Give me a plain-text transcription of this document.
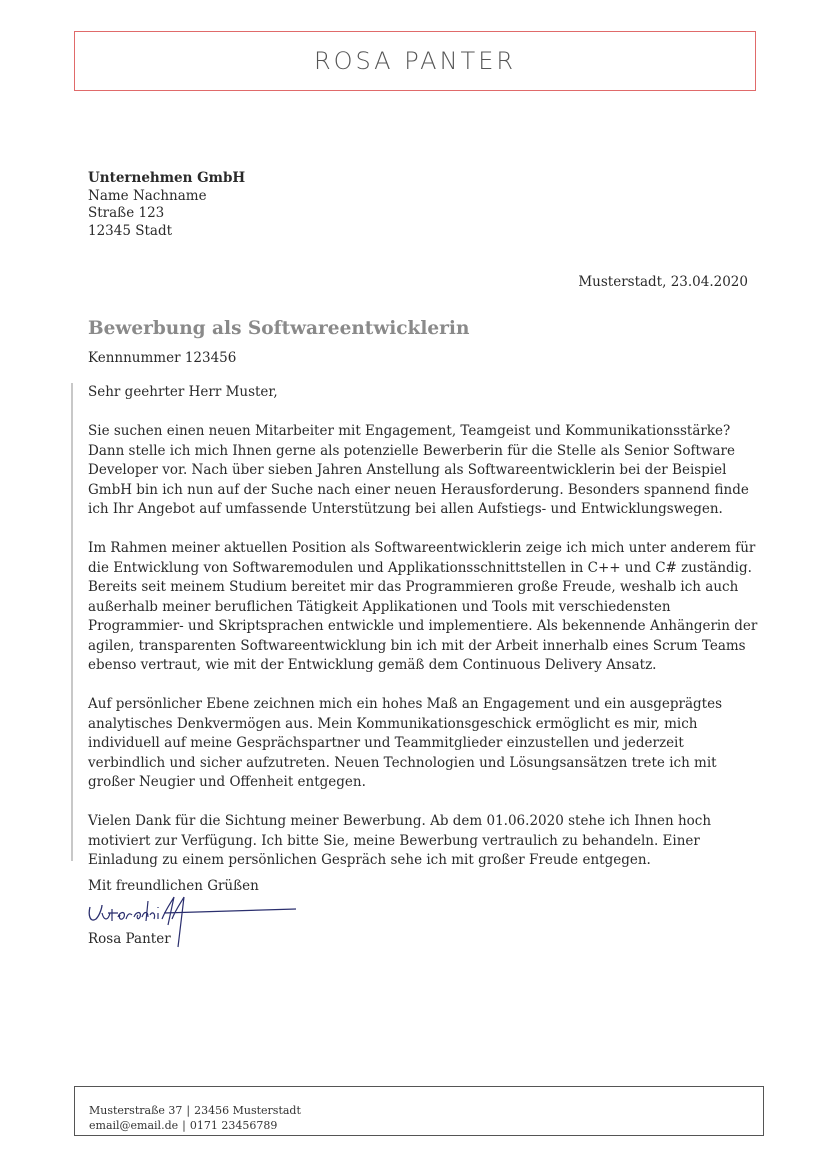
ROSA PANTER
Unternehmen GmbH
Name Nachname
Straße 123
12345 Stadt
Musterstadt, 23.04.2020
Bewerbung als Softwareentwicklerin
Kennnummer 123456

Sehr geehrter Herr Muster,

Sie suchen einen neuen Mitarbeiter mit Engagement, Teamgeist und Kommunikationsstärke? Dann stelle ich mich Ihnen gerne als potenzielle Bewerberin für die Stelle als Senior Software Developer vor. Nach über sieben Jahren Anstellung als Softwareentwicklerin bei der Beispiel GmbH bin ich nun auf der Suche nach einer neuen Herausforderung. Besonders spannend finde ich Ihr Angebot auf umfassende Unterstützung bei allen Aufstiegs- und Entwicklungswegen.

Im Rahmen meiner aktuellen Position als Softwareentwicklerin zeige ich mich unter anderem für die Entwicklung von Softwaremodulen und Applikationsschnittstellen in C++ und C# zuständig. Bereits seit meinem Studium bereitet mir das Programmieren große Freude, weshalb ich auch außerhalb meiner beruflichen Tätigkeit Applikationen und Tools mit verschiedensten Programmier- und Skriptsprachen entwickle und implementiere. Als bekennende Anhängerin der agilen, transparenten Softwareentwicklung bin ich mit der Arbeit innerhalb eines Scrum Teams ebenso vertraut, wie mit der Entwicklung gemäß dem Continuous Delivery Ansatz.

Auf persönlicher Ebene zeichnen mich ein hohes Maß an Engagement und ein ausgeprägtes analytisches Denkvermögen aus. Mein Kommunikationsgeschick ermöglicht es mir, mich individuell auf meine Gesprächspartner und Teammitglieder einzustellen und jederzeit verbindlich und sicher aufzutreten. Neuen Technologien und Lösungsansätzen trete ich mit großer Neugier und Offenheit entgegen.

Vielen Dank für die Sichtung meiner Bewerbung. Ab dem 01.06.2020 stehe ich Ihnen hoch motiviert zur Verfügung. Ich bitte Sie, meine Bewerbung vertraulich zu behandeln. Einer Einladung zu einem persönlichen Gespräch sehe ich mit großer Freude entgegen.

Mit freundlichen Grüßen
Rosa Panter
Musterstraße 37 | 23456 Musterstadt
email@email.de | 0171 23456789
